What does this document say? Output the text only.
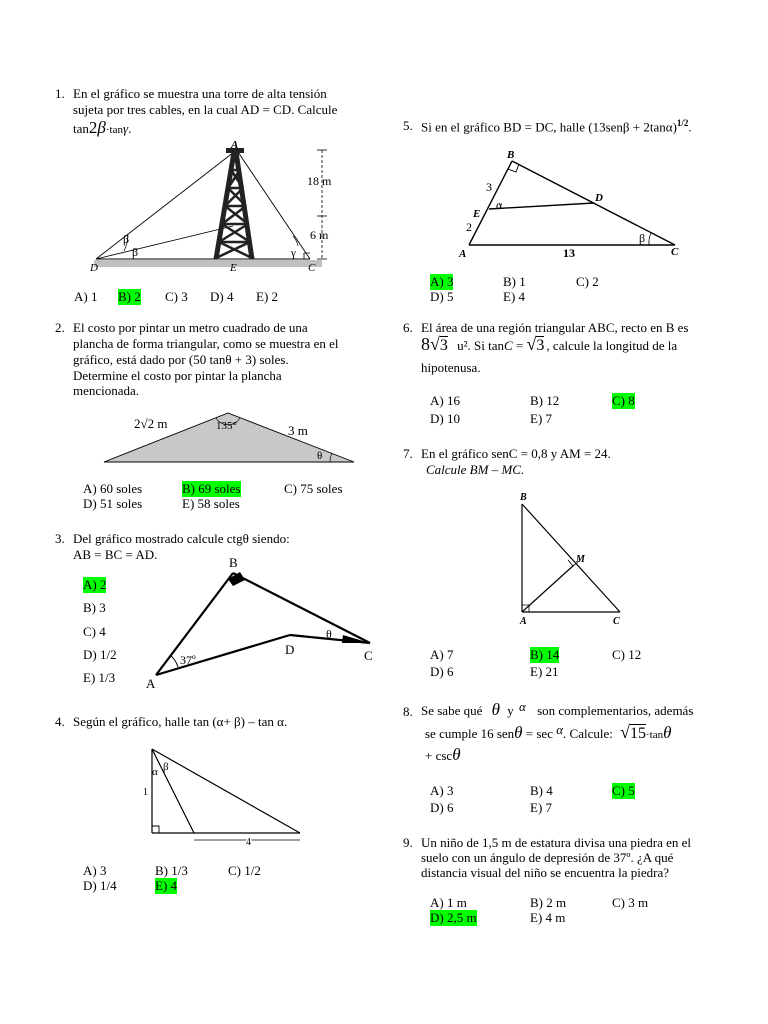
1. En el gráfico se muestra una torre de alta tensión
sujeta por tres cables, en la cual AD = CD. Calcule
tan2β·tanγ.
A
D	E	C
18 m
6 m
β
β	γ
A) 1 B) 2 C) 3 D) 4 E) 2
2. El costo por pintar un metro cuadrado de una
plancha de forma triangular, como se muestra en el
gráfico, está dado por (50 tanθ + 3) soles.
Determine el costo por pintar la plancha
mencionada.
2√2 m	135°	3 m
θ
A) 60 soles	B) 69 soles	C) 75 soles
D) 51 soles	E) 58 soles
3. Del gráfico mostrado calcule ctgθ siendo:
AB = BC = AD.
A) 2
B) 3
C) 4
D) 1/2
E) 1/3
B
A
C
D
37º
θ
4. Según el gráfico, halle tan (α+ β) – tan α.
α β
1
4
A) 3	B) 1/3	C) 1/2
D) 1/4	E) 4
5. Si en el gráfico BD = DC, halle $(13sen\beta + 2\tan\alpha)^{1/2}$.
B
D
E
A	C
3
2
13
α
β
A) 3	B) 1	C) 2
D) 5	E) 4
6. El área de una región triangular ABC, recto en B es
8√3 u². Si tanC = √3 , calcule la longitud de la
hipotenusa.
A) 16	B) 12	C) 8
D) 10	E) 7
7. En el gráfico senC = 0,8 y AM = 24.
Calcule BM – MC.
B
M
A	C
A) 7	B) 14	C) 12
D) 6	E) 21
8. Se sabe qué θ y α son complementarios, además
se cumple 16 senθ = sec α. Calcule: √15·tanθ
+ cscθ
A) 3	B) 4	C) 5
D) 6	E) 7
9. Un niño de 1,5 m de estatura divisa una piedra en el
suelo con un ángulo de depresión de 37º. ¿A qué
distancia visual del niño se encuentra la piedra?
A) 1 m	B) 2 m	C) 3 m
D) 2,5 m	E) 4 m
